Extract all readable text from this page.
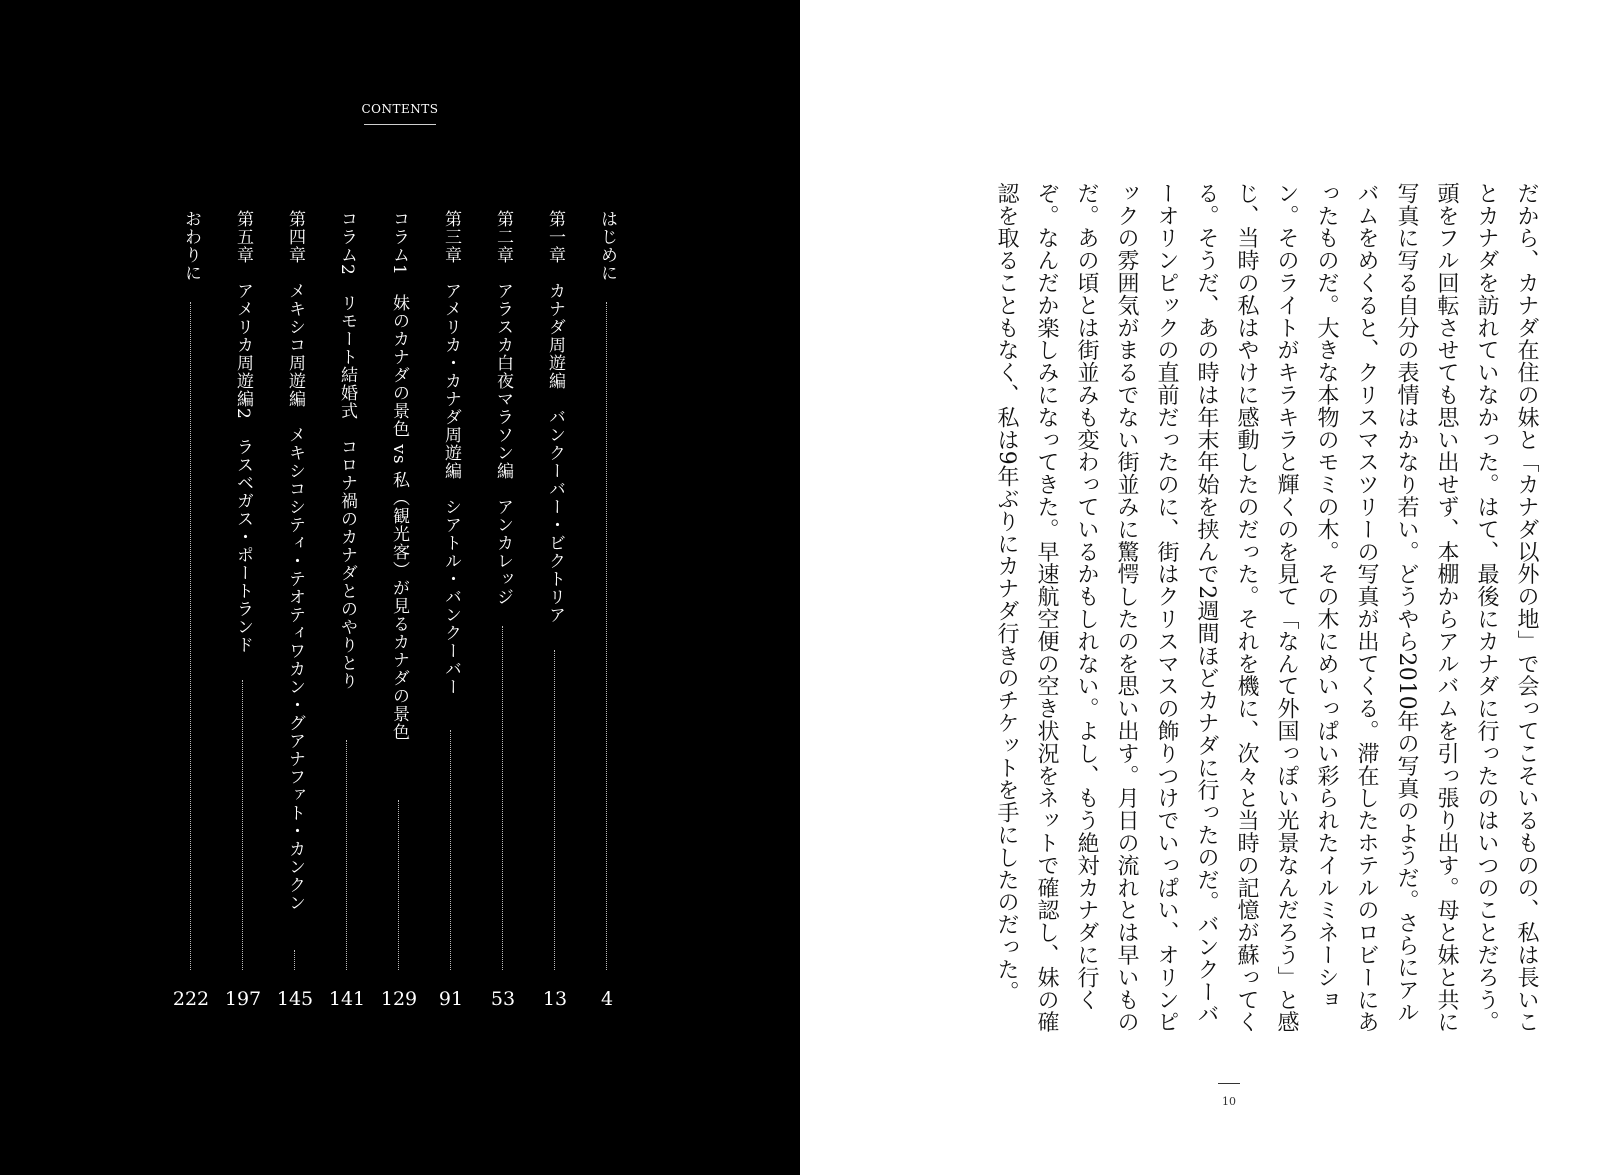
CONTENTS
はじめに
第一章　カナダ周遊編　バンクーバー・ビクトリア
第二章　アラスカ白夜マラソン編　アンカレッジ
第三章　アメリカ・カナダ周遊編　シアトル・バンクーバー
コラム1　妹のカナダの景色 vs 私（観光客）が見るカナダの景色
コラム2　リモート結婚式　コロナ禍のカナダとのやりとり
第四章　メキシコ周遊編　メキシコシティ・テオティワカン・グアナファト・カンクン
第五章　アメリカ周遊編2　ラスベガス・ポートランド
おわりに
4
13
53
91
129
141
145
197
222	だから、カナダ在住の妹と「カナダ以外の地」で会ってこそいるものの、私は長いことカナダを訪れていなかった。はて、最後にカナダに行ったのはいつのことだろう。頭をフル回転させても思い出せず、本棚からアルバムを引っ張り出す。母と妹と共に写真に写る自分の表情はかなり若い。どうやら2010年の写真のようだ。さらにアルバムをめくると、クリスマスツリーの写真が出てくる。滞在したホテルのロビーにあったものだ。大きな本物のモミの木。その木にめいっぱい彩られたイルミネーション。そのライトがキラキラと輝くのを見て「なんて外国っぽい光景なんだろう」と感じ、当時の私はやけに感動したのだった。それを機に、次々と当時の記憶が蘇ってくる。そうだ、あの時は年末年始を挟んで2週間ほどカナダに行ったのだ。バンクーバーオリンピックの直前だったのに、街はクリスマスの飾りつけでいっぱい、オリンピックの雰囲気がまるでない街並みに驚愕したのを思い出す。月日の流れとは早いものだ。あの頃とは街並みも変わっているかもしれない。よし、もう絶対カナダに行くぞ。なんだか楽しみになってきた。早速航空便の空き状況をネットで確認し、妹の確認を取ることもなく、私は9年ぶりにカナダ行きのチケットを手にしたのだった。
10
